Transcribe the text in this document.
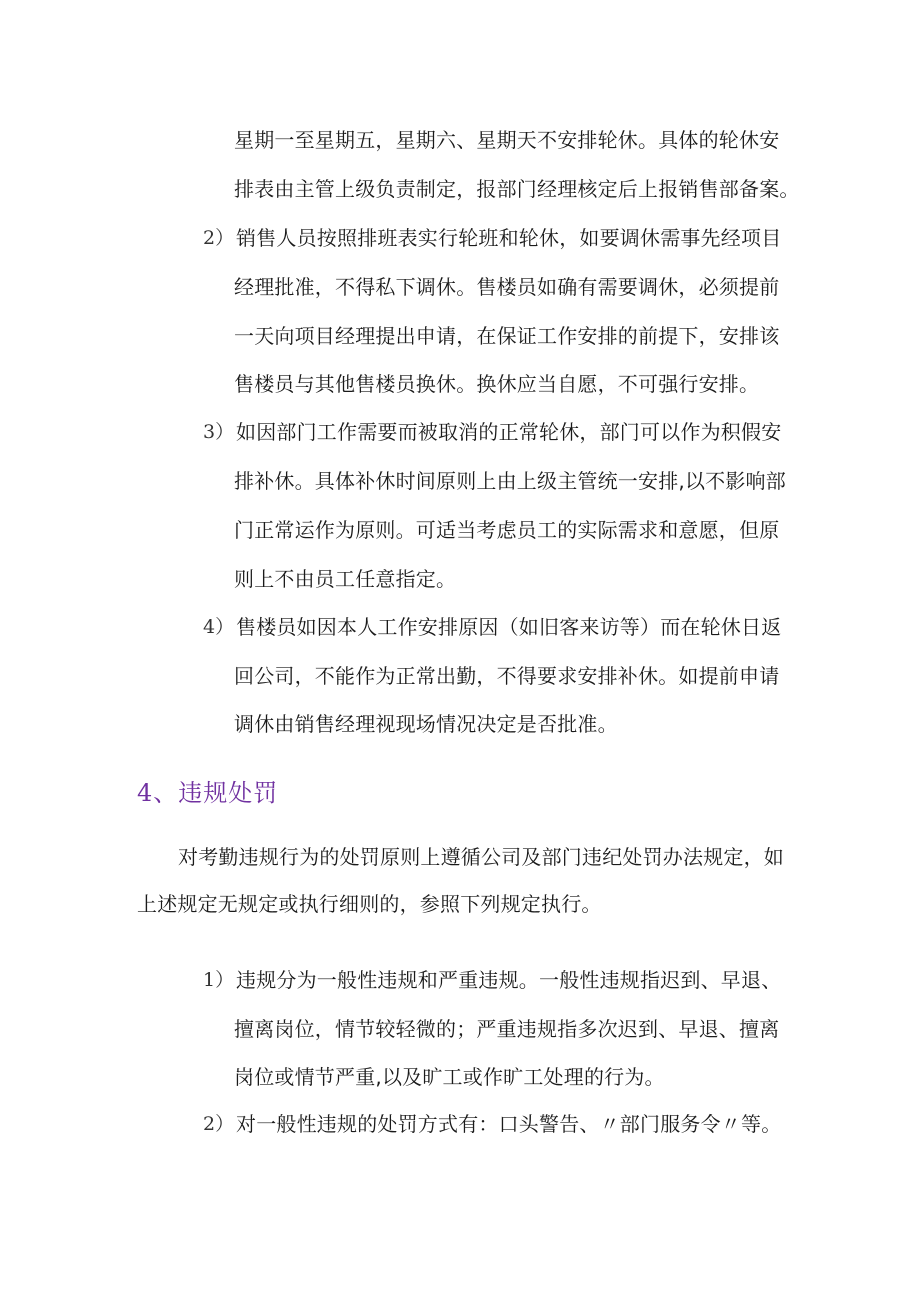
星期一至星期五，星期六、星期天不安排轮休。具体的轮休安
排表由主管上级负责制定，报部门经理核定后上报销售部备案。
2） 销售人员按照排班表实行轮班和轮休，如要调休需事先经项目
经理批准，不得私下调休。售楼员如确有需要调休，必须提前
一天向项目经理提出申请，在保证工作安排的前提下，安排该
售楼员与其他售楼员换休。换休应当自愿，不可强行安排。
3） 如因部门工作需要而被取消的正常轮休，部门可以作为积假安
排补休。具体补休时间原则上由上级主管统一安排,以不影响部
门正常运作为原则。可适当考虑员工的实际需求和意愿，但原
则上不由员工任意指定。
4） 售楼员如因本人工作安排原因（如旧客来访等）而在轮休日返
回公司，不能作为正常出勤，不得要求安排补休。如提前申请
调休由销售经理视现场情况决定是否批准。
4、违规处罚
对考勤违规行为的处罚原则上遵循公司及部门违纪处罚办法规定，如
上述规定无规定或执行细则的，参照下列规定执行。
1） 违规分为一般性违规和严重违规。一般性违规指迟到、早退、
擅离岗位，情节较轻微的；严重违规指多次迟到、早退、擅离
岗位或情节严重,以及旷工或作旷工处理的行为。
2） 对一般性违规的处罚方式有：口头警告、〃部门服务令〃等。
